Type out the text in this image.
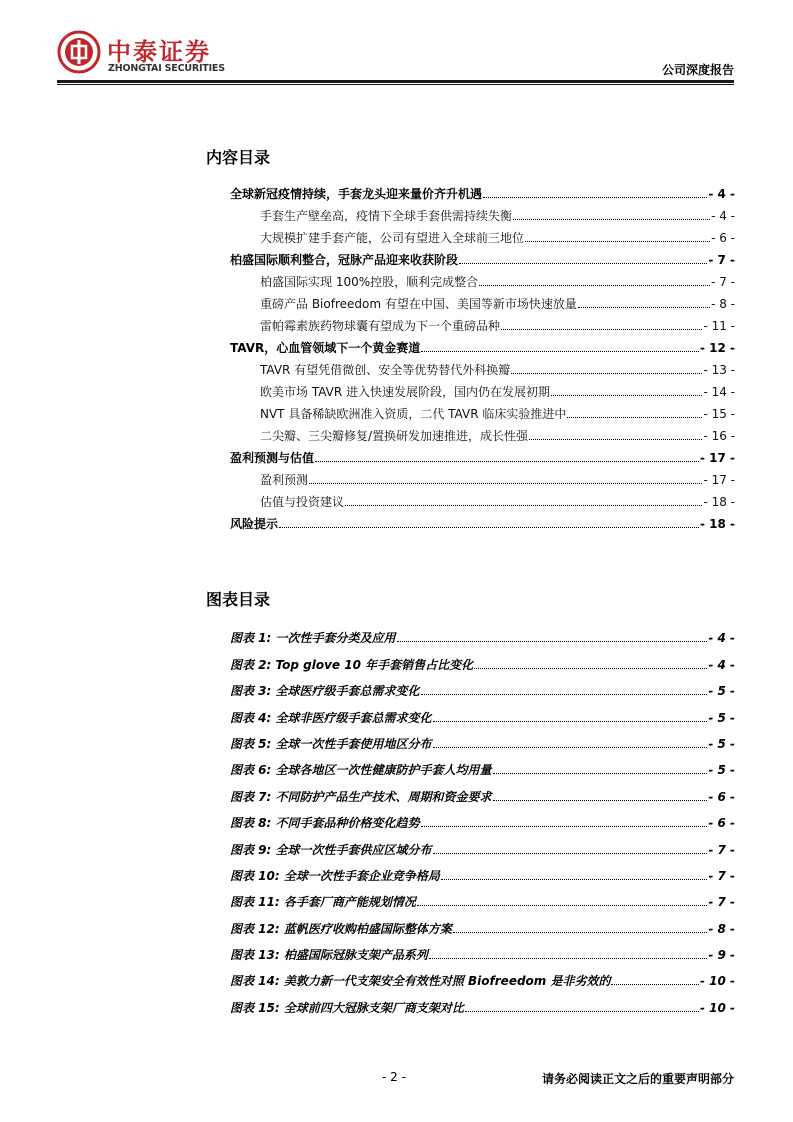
中泰证券
ZHONGTAI SECURITIES	公司深度报告
内容目录
全球新冠疫情持续，手套龙头迎来量价齐升机遇	- 4 -
手套生产壁垒高，疫情下全球手套供需持续失衡	- 4 -
大规模扩建手套产能，公司有望进入全球前三地位	- 6 -
柏盛国际顺利整合，冠脉产品迎来收获阶段	- 7 -
柏盛国际实现 100%控股，顺利完成整合	- 7 -
重磅产品 Biofreedom 有望在中国、美国等新市场快速放量	- 8 -
雷帕霉素族药物球囊有望成为下一个重磅品种	- 11 -
TAVR，心血管领域下一个黄金赛道	- 12 -
TAVR 有望凭借微创、安全等优势替代外科换瓣	- 13 -
欧美市场 TAVR 进入快速发展阶段，国内仍在发展初期	- 14 -
NVT 具备稀缺欧洲准入资质，二代 TAVR 临床实验推进中	- 15 -
二尖瓣、三尖瓣修复/置换研发加速推进，成长性强	- 16 -
盈利预测与估值	- 17 -
盈利预测	- 17 -
估值与投资建议	- 18 -
风险提示	- 18 -
图表目录
图表 1: 一次性手套分类及应用	- 4 -
图表 2: Top glove 10 年手套销售占比变化	- 4 -
图表 3: 全球医疗级手套总需求变化	- 5 -
图表 4: 全球非医疗级手套总需求变化	- 5 -
图表 5: 全球一次性手套使用地区分布	- 5 -
图表 6: 全球各地区一次性健康防护手套人均用量	- 5 -
图表 7: 不同防护产品生产技术、周期和资金要求	- 6 -
图表 8: 不同手套品种价格变化趋势	- 6 -
图表 9: 全球一次性手套供应区域分布	- 7 -
图表 10: 全球一次性手套企业竞争格局	- 7 -
图表 11: 各手套厂商产能规划情况	- 7 -
图表 12: 蓝帆医疗收购柏盛国际整体方案	- 8 -
图表 13: 柏盛国际冠脉支架产品系列	- 9 -
图表 14: 美敦力新一代支架安全有效性对照 Biofreedom 是非劣效的	- 10 -
图表 15: 全球前四大冠脉支架厂商支架对比	- 10 -
- 2 -	请务必阅读正文之后的重要声明部分
